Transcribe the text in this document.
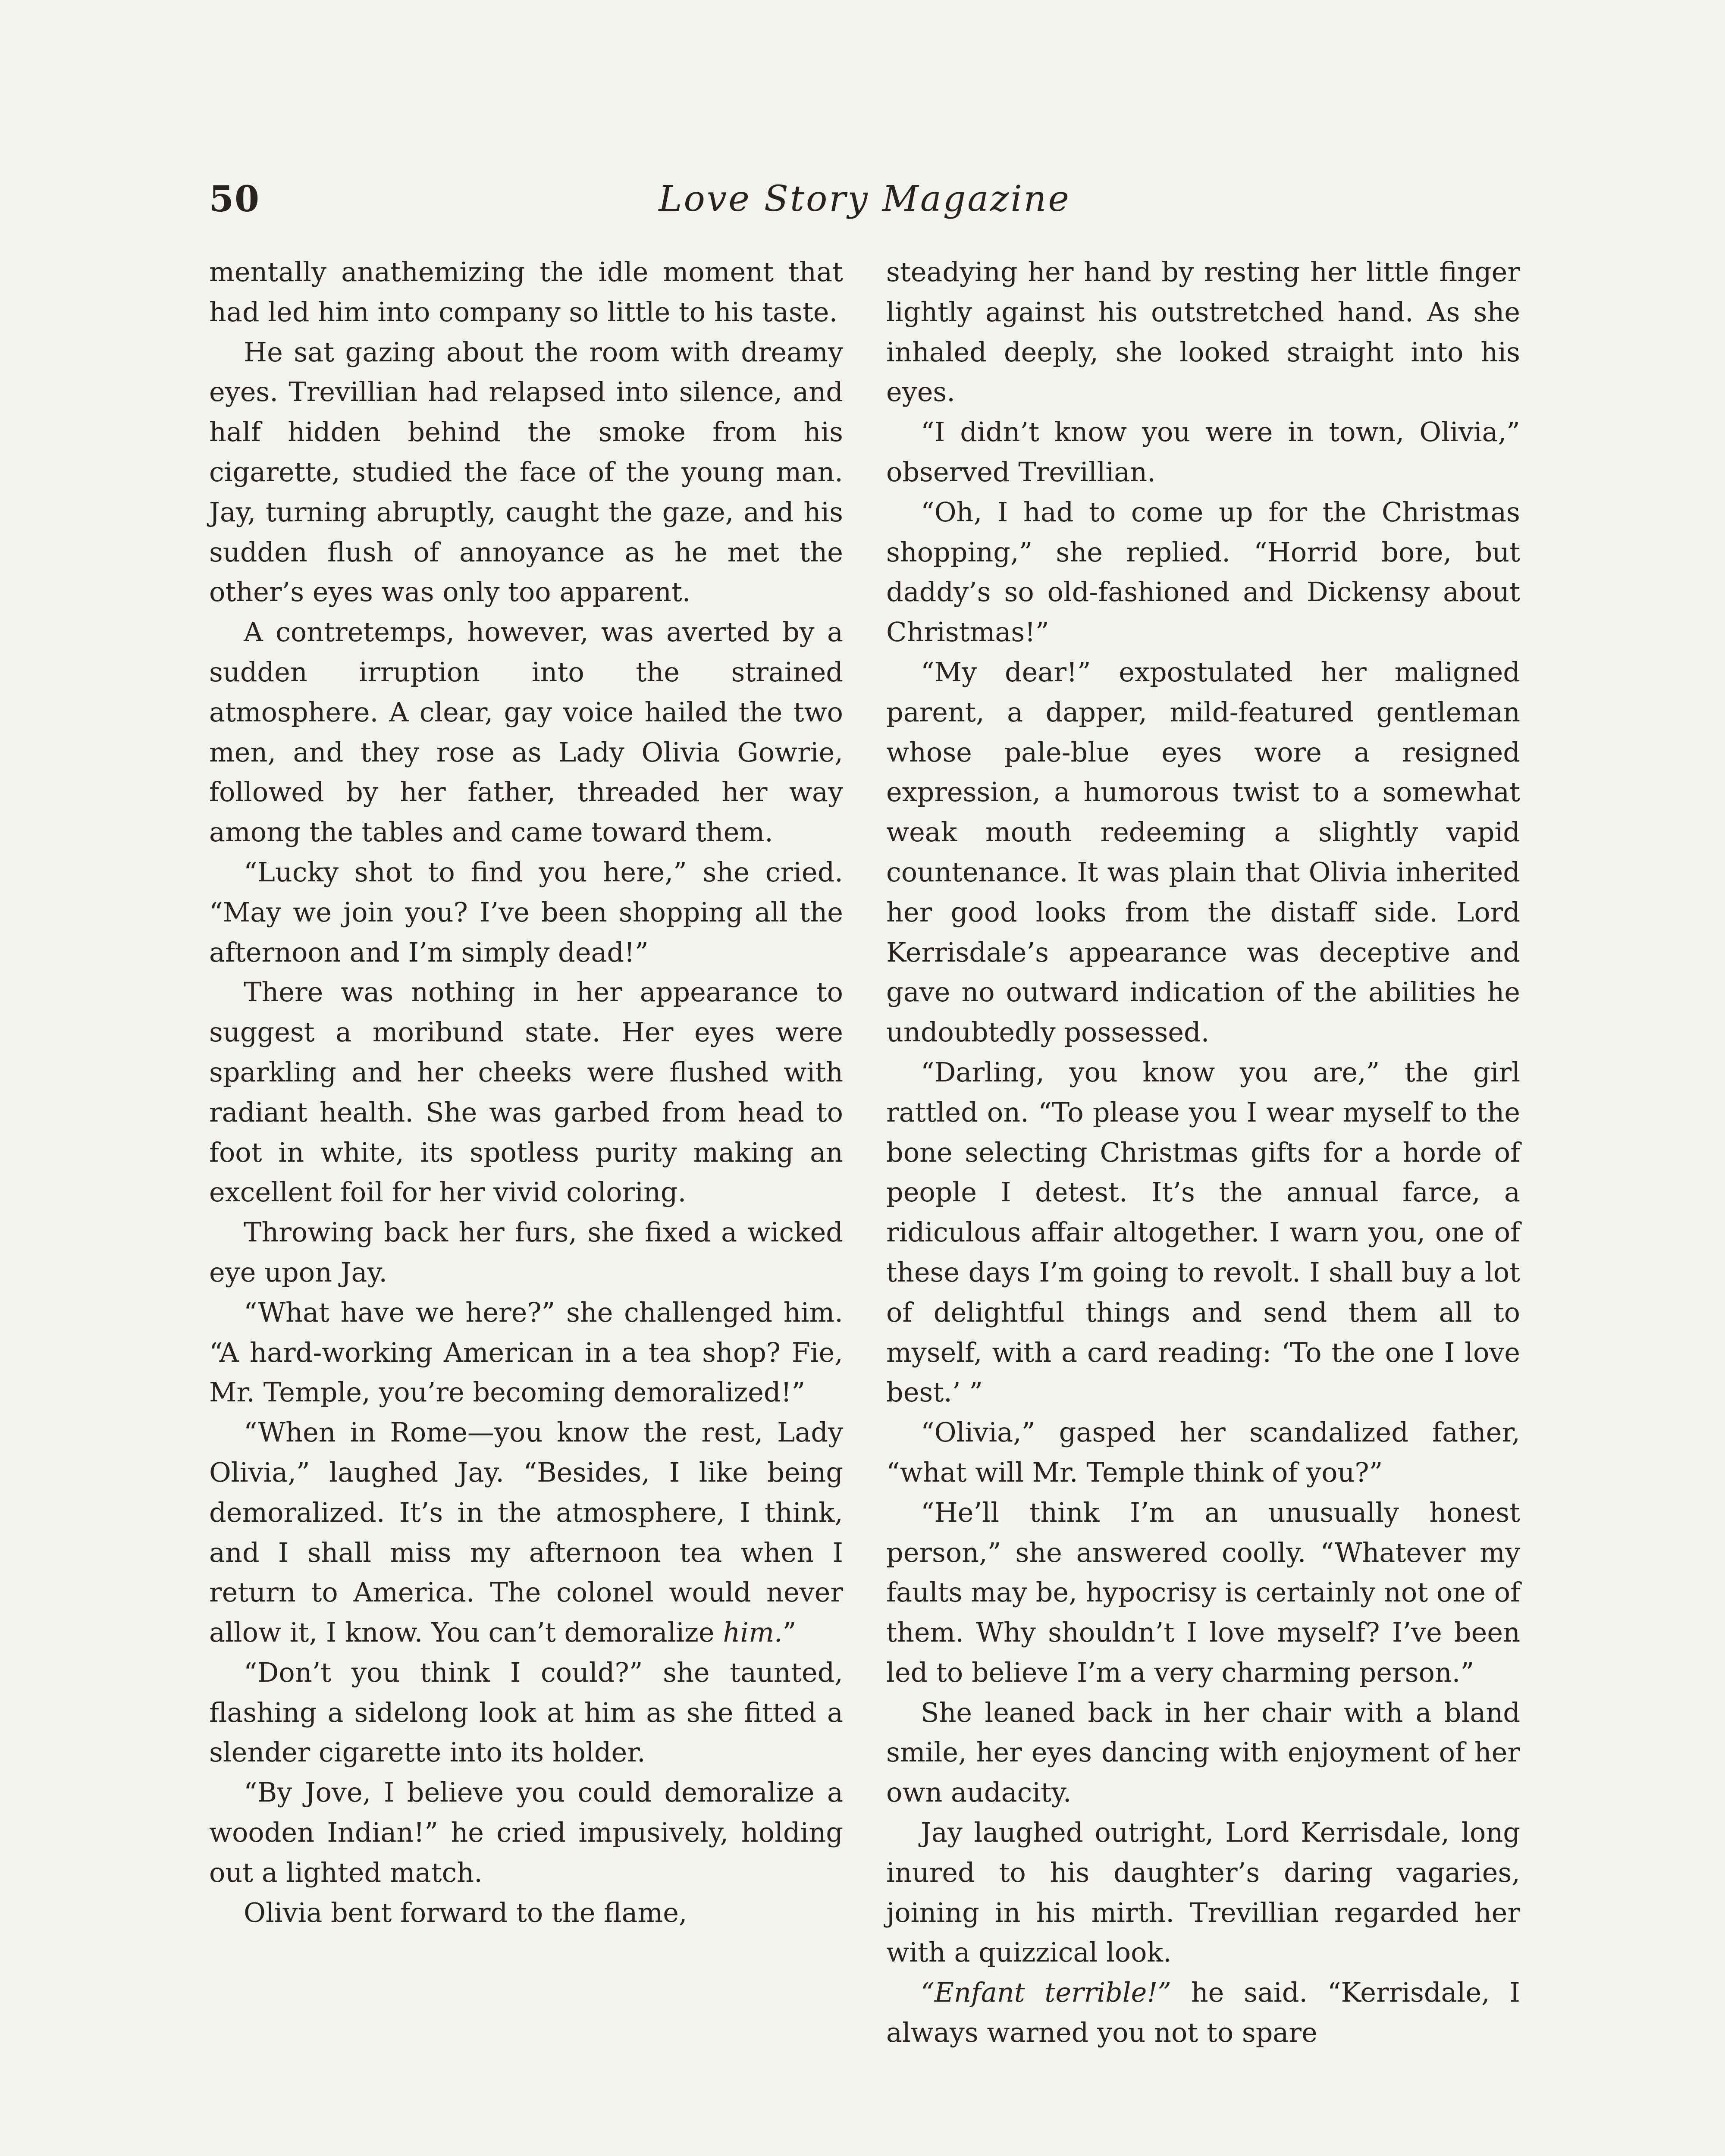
50	Love Story Magazine

mentally anathemizing the idle moment that had led him into company so little to his taste.

He sat gazing about the room with dreamy eyes. Trevillian had relapsed into silence, and half hidden behind the smoke from his cigarette, studied the face of the young man. Jay, turning abruptly, caught the gaze, and his sudden flush of annoyance as he met the other’s eyes was only too apparent.

A contretemps, however, was averted by a sudden irruption into the strained atmosphere. A clear, gay voice hailed the two men, and they rose as Lady Olivia Gowrie, followed by her father, threaded her way among the tables and came toward them.

“Lucky shot to find you here,” she cried. “May we join you? I’ve been shopping all the afternoon and I’m simply dead!”

There was nothing in her appearance to suggest a moribund state. Her eyes were sparkling and her cheeks were flushed with radiant health. She was garbed from head to foot in white, its spotless purity making an excellent foil for her vivid coloring.

Throwing back her furs, she fixed a wicked eye upon Jay.

“What have we here?” she challenged him. “A hard-working American in a tea shop? Fie, Mr. Temple, you’re becoming demoralized!”

“When in Rome—you know the rest, Lady Olivia,” laughed Jay. “Besides, I like being demoralized. It’s in the atmosphere, I think, and I shall miss my afternoon tea when I return to America. The colonel would never allow it, I know. You can’t demoralize him.”

“Don’t you think I could?” she taunted, flashing a sidelong look at him as she fitted a slender cigarette into its holder.

“By Jove, I believe you could demoralize a wooden Indian!” he cried impusively, holding out a lighted match.

Olivia bent forward to the flame,

steadying her hand by resting her little finger lightly against his outstretched hand. As she inhaled deeply, she looked straight into his eyes.

“I didn’t know you were in town, Olivia,” observed Trevillian.

“Oh, I had to come up for the Christmas shopping,” she replied. “Horrid bore, but daddy’s so old-fashioned and Dickensy about Christmas!”

“My dear!” expostulated her maligned parent, a dapper, mild-featured gentleman whose pale-blue eyes wore a resigned expression, a humorous twist to a somewhat weak mouth redeeming a slightly vapid countenance. It was plain that Olivia inherited her good looks from the distaff side. Lord Kerrisdale’s appearance was deceptive and gave no outward indication of the abilities he undoubtedly possessed.

“Darling, you know you are,” the girl rattled on. “To please you I wear myself to the bone selecting Christmas gifts for a horde of people I detest. It’s the annual farce, a ridiculous affair altogether. I warn you, one of these days I’m going to revolt. I shall buy a lot of delightful things and send them all to myself, with a card reading: ‘To the one I love best.’ ”

“Olivia,” gasped her scandalized father, “what will Mr. Temple think of you?”

“He’ll think I’m an unusually honest person,” she answered coolly. “Whatever my faults may be, hypocrisy is certainly not one of them. Why shouldn’t I love myself? I’ve been led to believe I’m a very charming person.”

She leaned back in her chair with a bland smile, her eyes dancing with enjoyment of her own audacity.

Jay laughed outright, Lord Kerrisdale, long inured to his daughter’s daring vagaries, joining in his mirth. Trevillian regarded her with a quizzical look.

“Enfant terrible!” he said. “Kerrisdale, I always warned you not to spare
